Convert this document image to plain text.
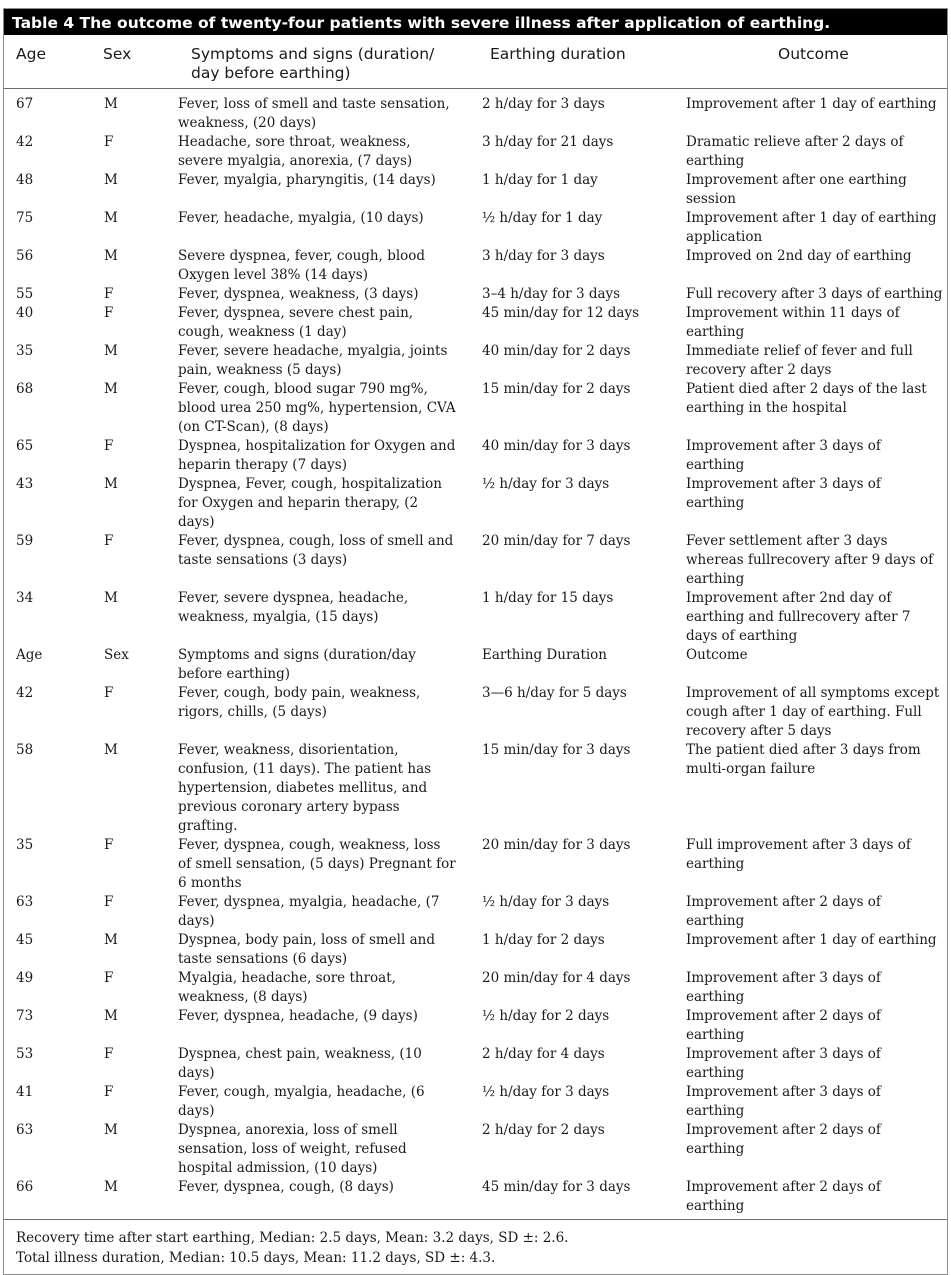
Table 4 The outcome of twenty-four patients with severe illness after application of earthing.
Age	Sex	Symptoms and signs (duration/
day before earthing)	Earthing duration	Outcome
67	M	Fever, loss of smell and taste sensation, weakness, (20 days)	2 h/day for 3 days	Improvement after 1 day of earthing
42	F	Headache, sore throat, weakness, severe myalgia, anorexia, (7 days)	3 h/day for 21 days	Dramatic relieve after 2 days of earthing
48	M	Fever, myalgia, pharyngitis, (14 days)	1 h/day for 1 day	Improvement after one earthing session
75	M	Fever, headache, myalgia, (10 days)	½ h/day for 1 day	Improvement after 1 day of earthing application
56	M	Severe dyspnea, fever, cough, blood Oxygen level 38% (14 days)	3 h/day for 3 days	Improved on 2nd day of earthing
55	F	Fever, dyspnea, weakness, (3 days)	3–4 h/day for 3 days	Full recovery after 3 days of earthing
40	F	Fever, dyspnea, severe chest pain, cough, weakness (1 day)	45 min/day for 12 days	Improvement within 11 days of earthing
35	M	Fever, severe headache, myalgia, joints pain, weakness (5 days)	40 min/day for 2 days	Immediate relief of fever and full recovery after 2 days
68	M	Fever, cough, blood sugar 790 mg%, blood urea 250 mg%, hypertension, CVA (on CT-Scan), (8 days)	15 min/day for 2 days	Patient died after 2 days of the last earthing in the hospital
65	F	Dyspnea, hospitalization for Oxygen and heparin therapy (7 days)	40 min/day for 3 days	Improvement after 3 days of earthing
43	M	Dyspnea, Fever, cough, hospitalization for Oxygen and heparin therapy, (2 days)	½ h/day for 3 days	Improvement after 3 days of earthing
59	F	Fever, dyspnea, cough, loss of smell and taste sensations (3 days)	20 min/day for 7 days	Fever settlement after 3 days whereas fullrecovery after 9 days of earthing
34	M	Fever, severe dyspnea, headache, weakness, myalgia, (15 days)	1 h/day for 15 days	Improvement after 2nd day of earthing and fullrecovery after 7 days of earthing
Age	Sex	Symptoms and signs (duration/day before earthing)	Earthing Duration	Outcome
42	F	Fever, cough, body pain, weakness, rigors, chills, (5 days)	3—6 h/day for 5 days	Improvement of all symptoms except cough after 1 day of earthing. Full recovery after 5 days
58	M	Fever, weakness, disorientation, confusion, (11 days). The patient has hypertension, diabetes mellitus, and previous coronary artery bypass grafting.	15 min/day for 3 days	The patient died after 3 days from multi-organ failure
35	F	Fever, dyspnea, cough, weakness, loss of smell sensation, (5 days) Pregnant for 6 months	20 min/day for 3 days	Full improvement after 3 days of earthing
63	F	Fever, dyspnea, myalgia, headache, (7 days)	½ h/day for 3 days	Improvement after 2 days of earthing
45	M	Dyspnea, body pain, loss of smell and taste sensations (6 days)	1 h/day for 2 days	Improvement after 1 day of earthing
49	F	Myalgia, headache, sore throat, weakness, (8 days)	20 min/day for 4 days	Improvement after 3 days of earthing
73	M	Fever, dyspnea, headache, (9 days)	½ h/day for 2 days	Improvement after 2 days of earthing
53	F	Dyspnea, chest pain, weakness, (10 days)	2 h/day for 4 days	Improvement after 3 days of earthing
41	F	Fever, cough, myalgia, headache, (6 days)	½ h/day for 3 days	Improvement after 3 days of earthing
63	M	Dyspnea, anorexia, loss of smell sensation, loss of weight, refused hospital admission, (10 days)	2 h/day for 2 days	Improvement after 2 days of earthing
66	M	Fever, dyspnea, cough, (8 days)	45 min/day for 3 days	Improvement after 2 days of earthing
Recovery time after start earthing, Median: 2.5 days, Mean: 3.2 days, SD ±: 2.6.
Total illness duration, Median: 10.5 days, Mean: 11.2 days, SD ±: 4.3.
